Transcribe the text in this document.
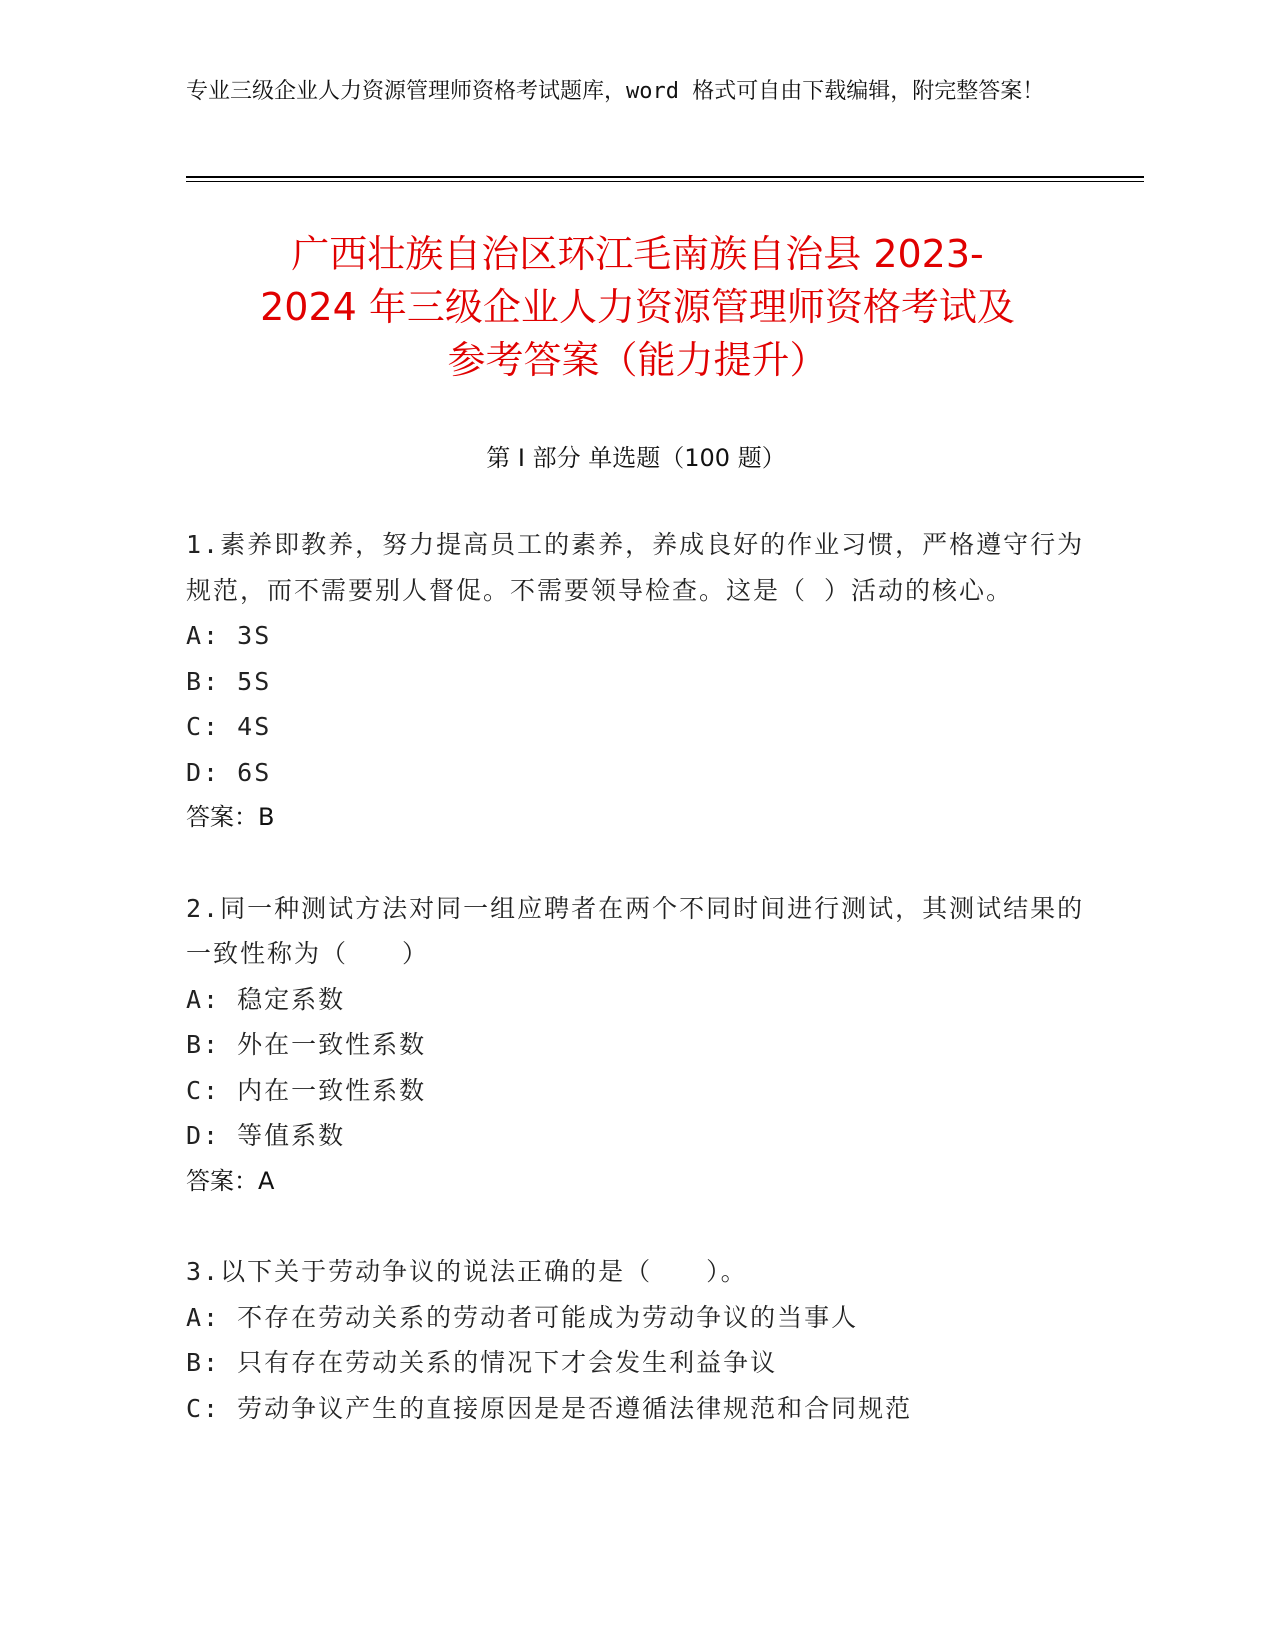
专业三级企业人力资源管理师资格考试题库，word 格式可自由下载编辑，附完整答案！
广西壮族自治区环江毛南族自治县 2023-
2024 年三级企业人力资源管理师资格考试及
参考答案（能力提升）
第 I 部分 单选题（100 题）
1.素养即教养，努力提高员工的素养，养成良好的作业习惯，严格遵守行为规范，而不需要别人督促。不需要领导检查。这是（ ）活动的核心。
A: 3S
B: 5S
C: 4S
D: 6S
答案：B
2.同一种测试方法对同一组应聘者在两个不同时间进行测试，其测试结果的一致性称为（　　）
A: 稳定系数
B: 外在一致性系数
C: 内在一致性系数
D: 等值系数
答案：A
3.以下关于劳动争议的说法正确的是（　　）。
A: 不存在劳动关系的劳动者可能成为劳动争议的当事人
B: 只有存在劳动关系的情况下才会发生利益争议
C: 劳动争议产生的直接原因是是否遵循法律规范和合同规范
